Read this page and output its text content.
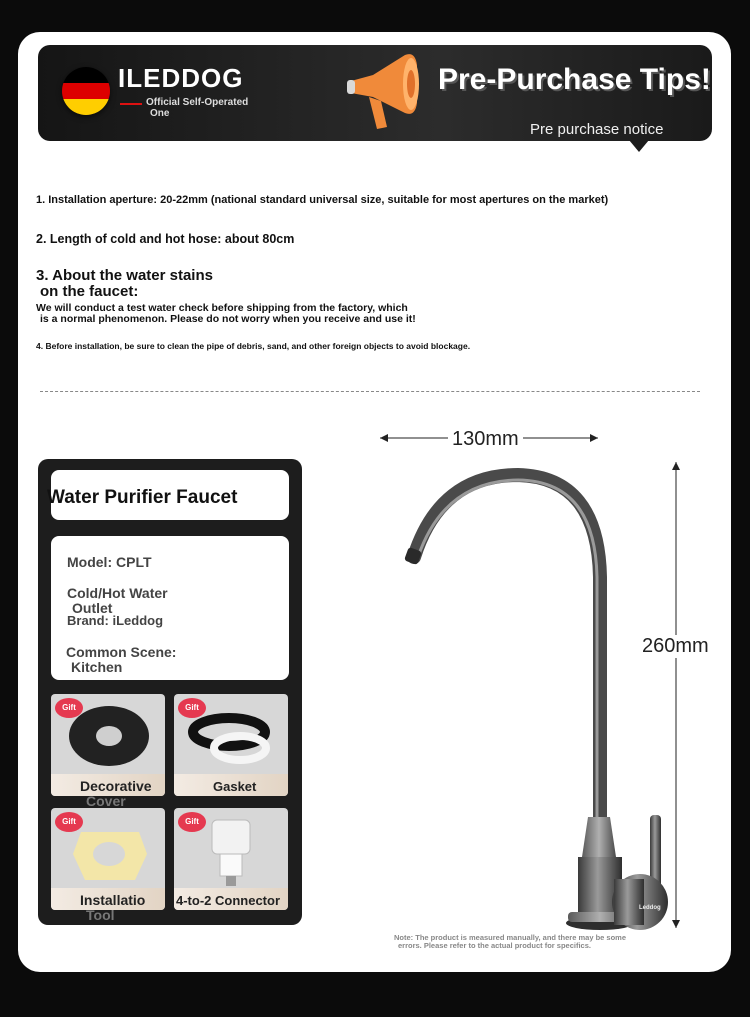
ILEDDOG
Official Self-Operated
One
Pre-Purchase Tips!
Pre purchase notice
1. Installation aperture: 20-22mm (national standard universal size, suitable for most apertures on the market)
2. Length of cold and hot hose: about 80cm
3. About the water stains
on the faucet:
We will conduct a test water check before shipping from the factory, which
is a normal phenomenon. Please do not worry when you receive and use it!
4. Before installation, be sure to clean the pipe of debris, sand, and other foreign objects to avoid blockage.
130mm
Gift	Gift
Gift	Gift
Water Purifier Faucet
Model: CPLT
Cold/Hot Water
Outlet
Brand: iLeddog
Common Scene:
Kitchen
Decorative
Cover
Gasket
Installatio
Tool
4-to-2 Connector	Leddog
260mm
Note: The product is measured manually, and there may be some
errors. Please refer to the actual product for specifics.
